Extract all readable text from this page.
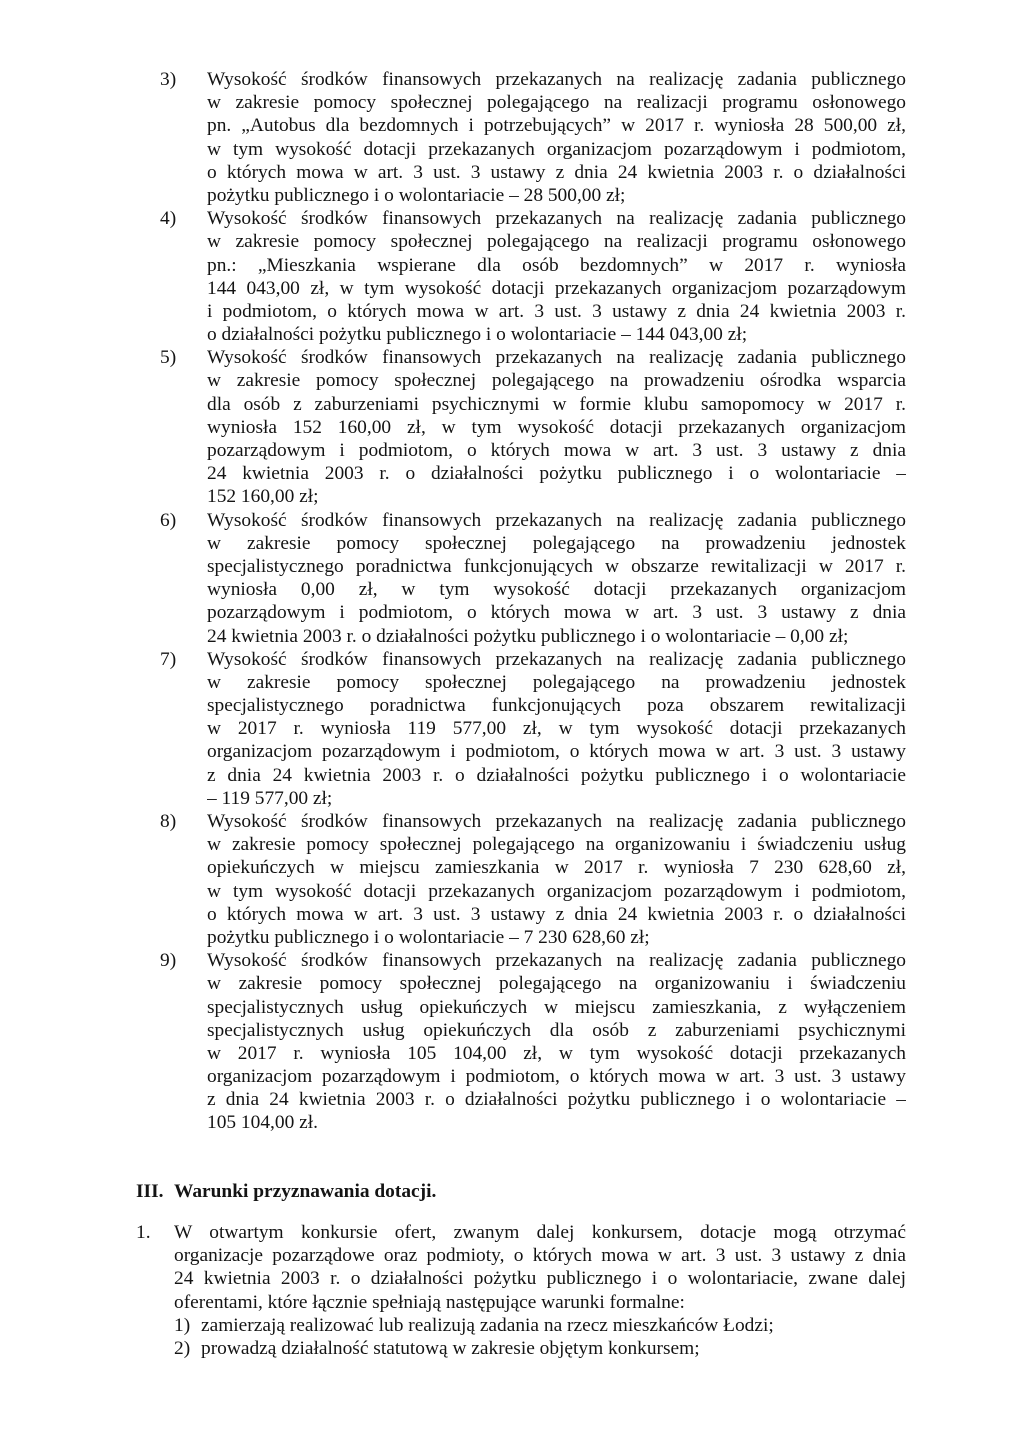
3) Wysokość środków finansowych przekazanych na realizację zadania publicznego
w zakresie pomocy społecznej polegającego na realizacji programu osłonowego
pn. „Autobus dla bezdomnych i potrzebujących” w 2017 r. wyniosła 28 500,00 zł,
w tym wysokość dotacji przekazanych organizacjom pozarządowym i podmiotom,
o których mowa w art. 3 ust. 3 ustawy z dnia 24 kwietnia 2003 r. o działalności
pożytku publicznego i o wolontariacie – 28 500,00 zł;
4) Wysokość środków finansowych przekazanych na realizację zadania publicznego
w zakresie pomocy społecznej polegającego na realizacji programu osłonowego
pn.: „Mieszkania wspierane dla osób bezdomnych” w 2017 r. wyniosła
144 043,00 zł, w tym wysokość dotacji przekazanych organizacjom pozarządowym
i podmiotom, o których mowa w art. 3 ust. 3 ustawy z dnia 24 kwietnia 2003 r.
o działalności pożytku publicznego i o wolontariacie – 144 043,00 zł;
5) Wysokość środków finansowych przekazanych na realizację zadania publicznego
w zakresie pomocy społecznej polegającego na prowadzeniu ośrodka wsparcia
dla osób z zaburzeniami psychicznymi w formie klubu samopomocy w 2017 r.
wyniosła 152 160,00 zł, w tym wysokość dotacji przekazanych organizacjom
pozarządowym i podmiotom, o których mowa w art. 3 ust. 3 ustawy z dnia
24 kwietnia 2003 r. o działalności pożytku publicznego i o wolontariacie –
152 160,00 zł;
6) Wysokość środków finansowych przekazanych na realizację zadania publicznego
w zakresie pomocy społecznej polegającego na prowadzeniu jednostek
specjalistycznego poradnictwa funkcjonujących w obszarze rewitalizacji w 2017 r.
wyniosła 0,00 zł, w tym wysokość dotacji przekazanych organizacjom
pozarządowym i podmiotom, o których mowa w art. 3 ust. 3 ustawy z dnia
24 kwietnia 2003 r. o działalności pożytku publicznego i o wolontariacie – 0,00 zł;
7) Wysokość środków finansowych przekazanych na realizację zadania publicznego
w zakresie pomocy społecznej polegającego na prowadzeniu jednostek
specjalistycznego poradnictwa funkcjonujących poza obszarem rewitalizacji
w 2017 r. wyniosła 119 577,00 zł, w tym wysokość dotacji przekazanych
organizacjom pozarządowym i podmiotom, o których mowa w art. 3 ust. 3 ustawy
z dnia 24 kwietnia 2003 r. o działalności pożytku publicznego i o wolontariacie
– 119 577,00 zł;
8) Wysokość środków finansowych przekazanych na realizację zadania publicznego
w zakresie pomocy społecznej polegającego na organizowaniu i świadczeniu usług
opiekuńczych w miejscu zamieszkania w 2017 r. wyniosła 7 230 628,60 zł,
w tym wysokość dotacji przekazanych organizacjom pozarządowym i podmiotom,
o których mowa w art. 3 ust. 3 ustawy z dnia 24 kwietnia 2003 r. o działalności
pożytku publicznego i o wolontariacie – 7 230 628,60 zł;
9) Wysokość środków finansowych przekazanych na realizację zadania publicznego
w zakresie pomocy społecznej polegającego na organizowaniu i świadczeniu
specjalistycznych usług opiekuńczych w miejscu zamieszkania, z wyłączeniem
specjalistycznych usług opiekuńczych dla osób z zaburzeniami psychicznymi
w 2017 r. wyniosła 105 104,00 zł, w tym wysokość dotacji przekazanych
organizacjom pozarządowym i podmiotom, o których mowa w art. 3 ust. 3 ustawy
z dnia 24 kwietnia 2003 r. o działalności pożytku publicznego i o wolontariacie –
105 104,00 zł.
III. Warunki przyznawania dotacji.
1. W otwartym konkursie ofert, zwanym dalej konkursem, dotacje mogą otrzymać
organizacje pozarządowe oraz podmioty, o których mowa w art. 3 ust. 3 ustawy z dnia
24 kwietnia 2003 r. o działalności pożytku publicznego i o wolontariacie, zwane dalej
oferentami, które łącznie spełniają następujące warunki formalne:
1) zamierzają realizować lub realizują zadania na rzecz mieszkańców Łodzi;
2) prowadzą działalność statutową w zakresie objętym konkursem;
